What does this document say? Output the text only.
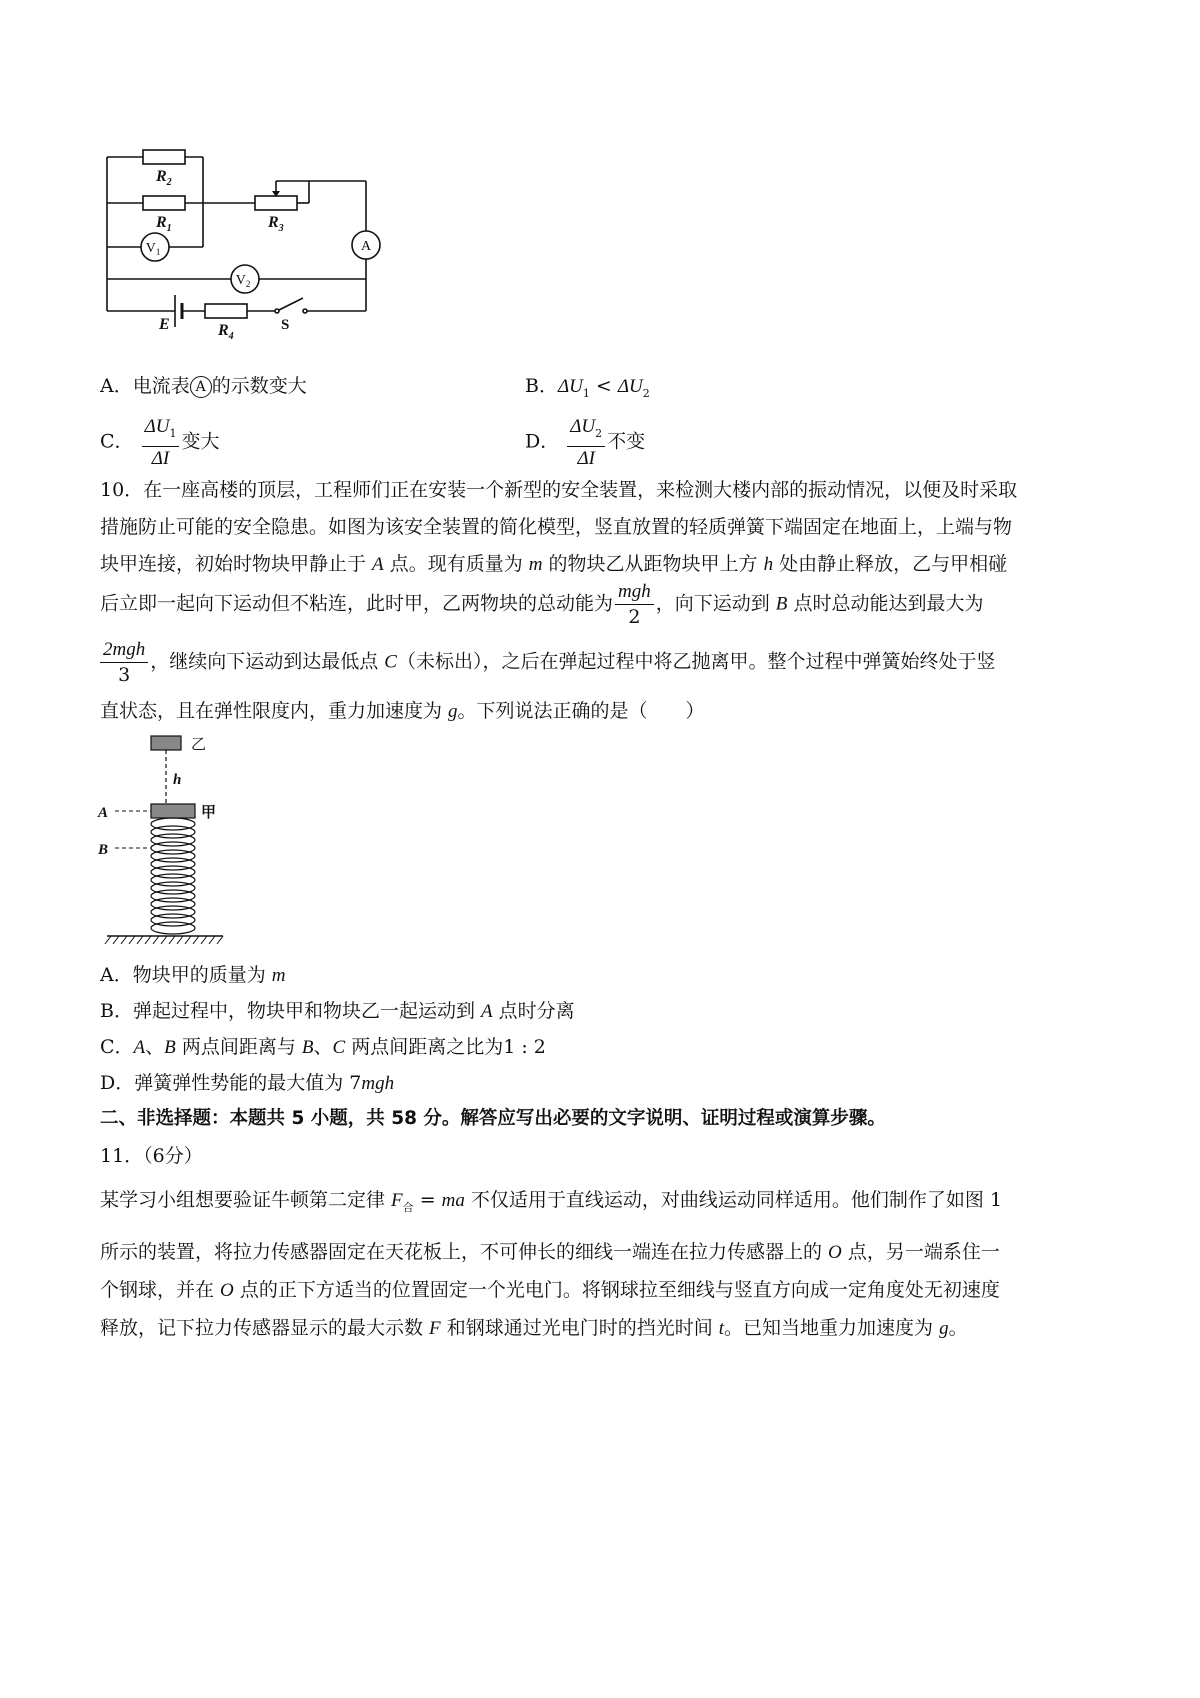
$R_2$
$R_1$	$R_3$
$R_4$
E
$V_1$
$V_2$
A
S
A．电流表 A 的示数变大	B．$\Delta U_1 < \Delta U_2$
C． $\frac{\Delta U_1}{\Delta I}$ 变大	D． $\frac{\Delta U_2}{\Delta I}$ 不变
10．在一座高楼的顶层，工程师们正在安装一个新型的安全装置，来检测大楼内部的振动情况，以便及时采取
措施防止可能的安全隐患。如图为该安全装置的简化模型，竖直放置的轻质弹簧下端固定在地面上，上端与物
块甲连接，初始时物块甲静止于 A 点。现有质量为 m 的物块乙从距物块甲上方 h 处由静止释放，乙与甲相碰
后立即一起向下运动但不粘连，此时甲，乙两物块的总动能为 $\frac{\text{mgh}}{2}$ ，向下运动到 B 点时总动能达到最大为
$\frac{\text{2mgh}}{3}$ ，继续向下运动到达最低点 C（未标出），之后在弹起过程中将乙抛离甲。整个过程中弹簧始终处于竖
直状态，且在弹性限度内，重力加速度为 g。下列说法正确的是（　　）
乙
甲
h
A
B
A．物块甲的质量为 m
B．弹起过程中，物块甲和物块乙一起运动到 A 点时分离
C．A、B 两点间距离与 B、C 两点间距离之比为1 : 2
D．弹簧弹性势能的最大值为 7mgh
二、非选择题：本题共 5 小题，共 58 分。解答应写出必要的文字说明、证明过程或演算步骤。
11．（6分）
某学习小组想要验证牛顿第二定律 $F_合$ = ma 不仅适用于直线运动，对曲线运动同样适用。他们制作了如图 1
所示的装置，将拉力传感器固定在天花板上，不可伸长的细线一端连在拉力传感器上的 O 点，另一端系住一
个钢球，并在 O 点的正下方适当的位置固定一个光电门。将钢球拉至细线与竖直方向成一定角度处无初速度
释放，记下拉力传感器显示的最大示数 F 和钢球通过光电门时的挡光时间 t。已知当地重力加速度为 g。
